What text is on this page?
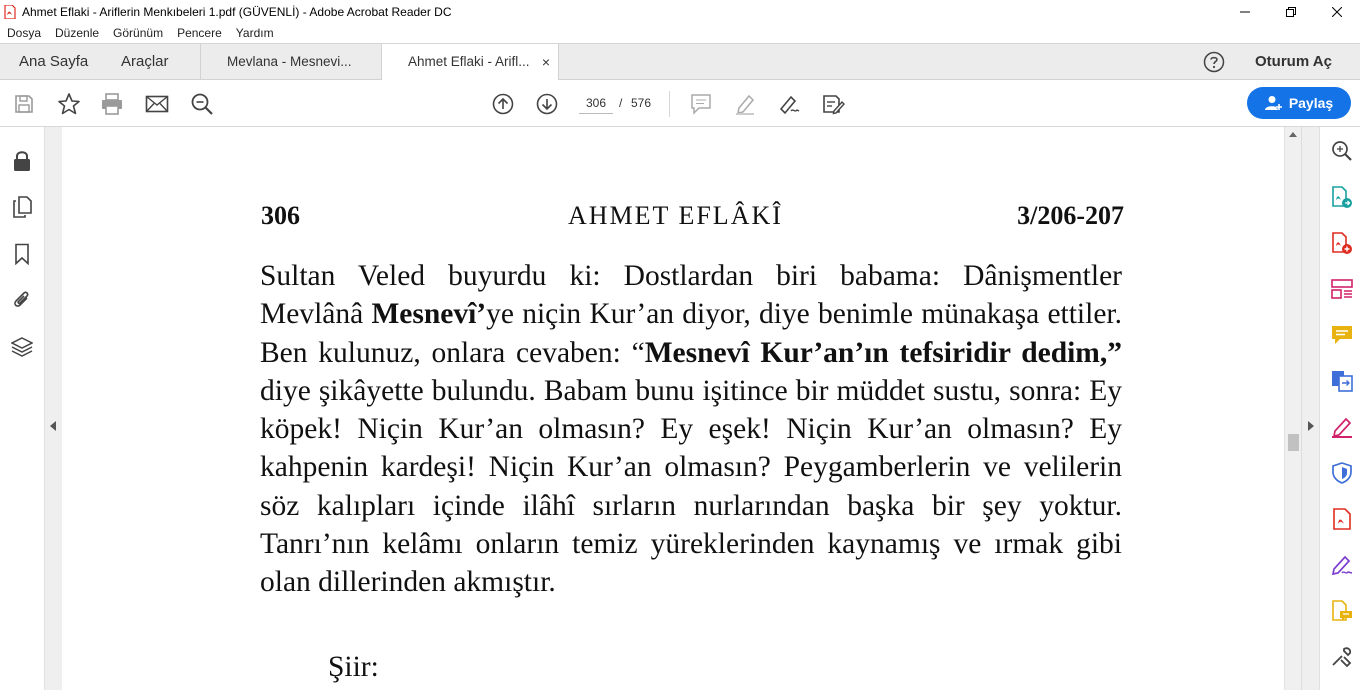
Ahmet Eflaki - Ariflerin Menkıbeleri 1.pdf (GÜVENLİ) - Adobe Acrobat Reader DC
Dosya Düzenle Görünüm Pencere Yardım
Ana Sayfa Araçlar	Mevlana - Mesnevi...	Ahmet Eflaki - Arifl... ×	Oturum Aç
306	/ 576	Paylaş
306	AHMET EFLÂKÎ	3/206-207

Sultan Veled buyurdu ki: Dostlardan biri babama: Dânişmentler Mevlânâ Mesnevî’ye niçin Kur’an diyor, diye benimle münakaşa ettiler. Ben kulunuz, onlara cevaben: “Mesnevî Kur’an’ın tefsiridir dedim,” diye şikâyette bulundu. Babam bunu işitince bir müddet sustu, sonra: Ey köpek! Niçin Kur’an olmasın? Ey eşek! Niçin Kur’an olmasın? Ey kahpenin kardeşi! Niçin Kur’an olmasın? Peygamberlerin ve velilerin söz kalıpları içinde ilâhî sırların nurlarından başka bir şey yoktur. Tanrı’nın kelâmı onların temiz yüreklerinden kaynamış ve ırmak gibi olan dillerinden akmıştır.

Şiir:
